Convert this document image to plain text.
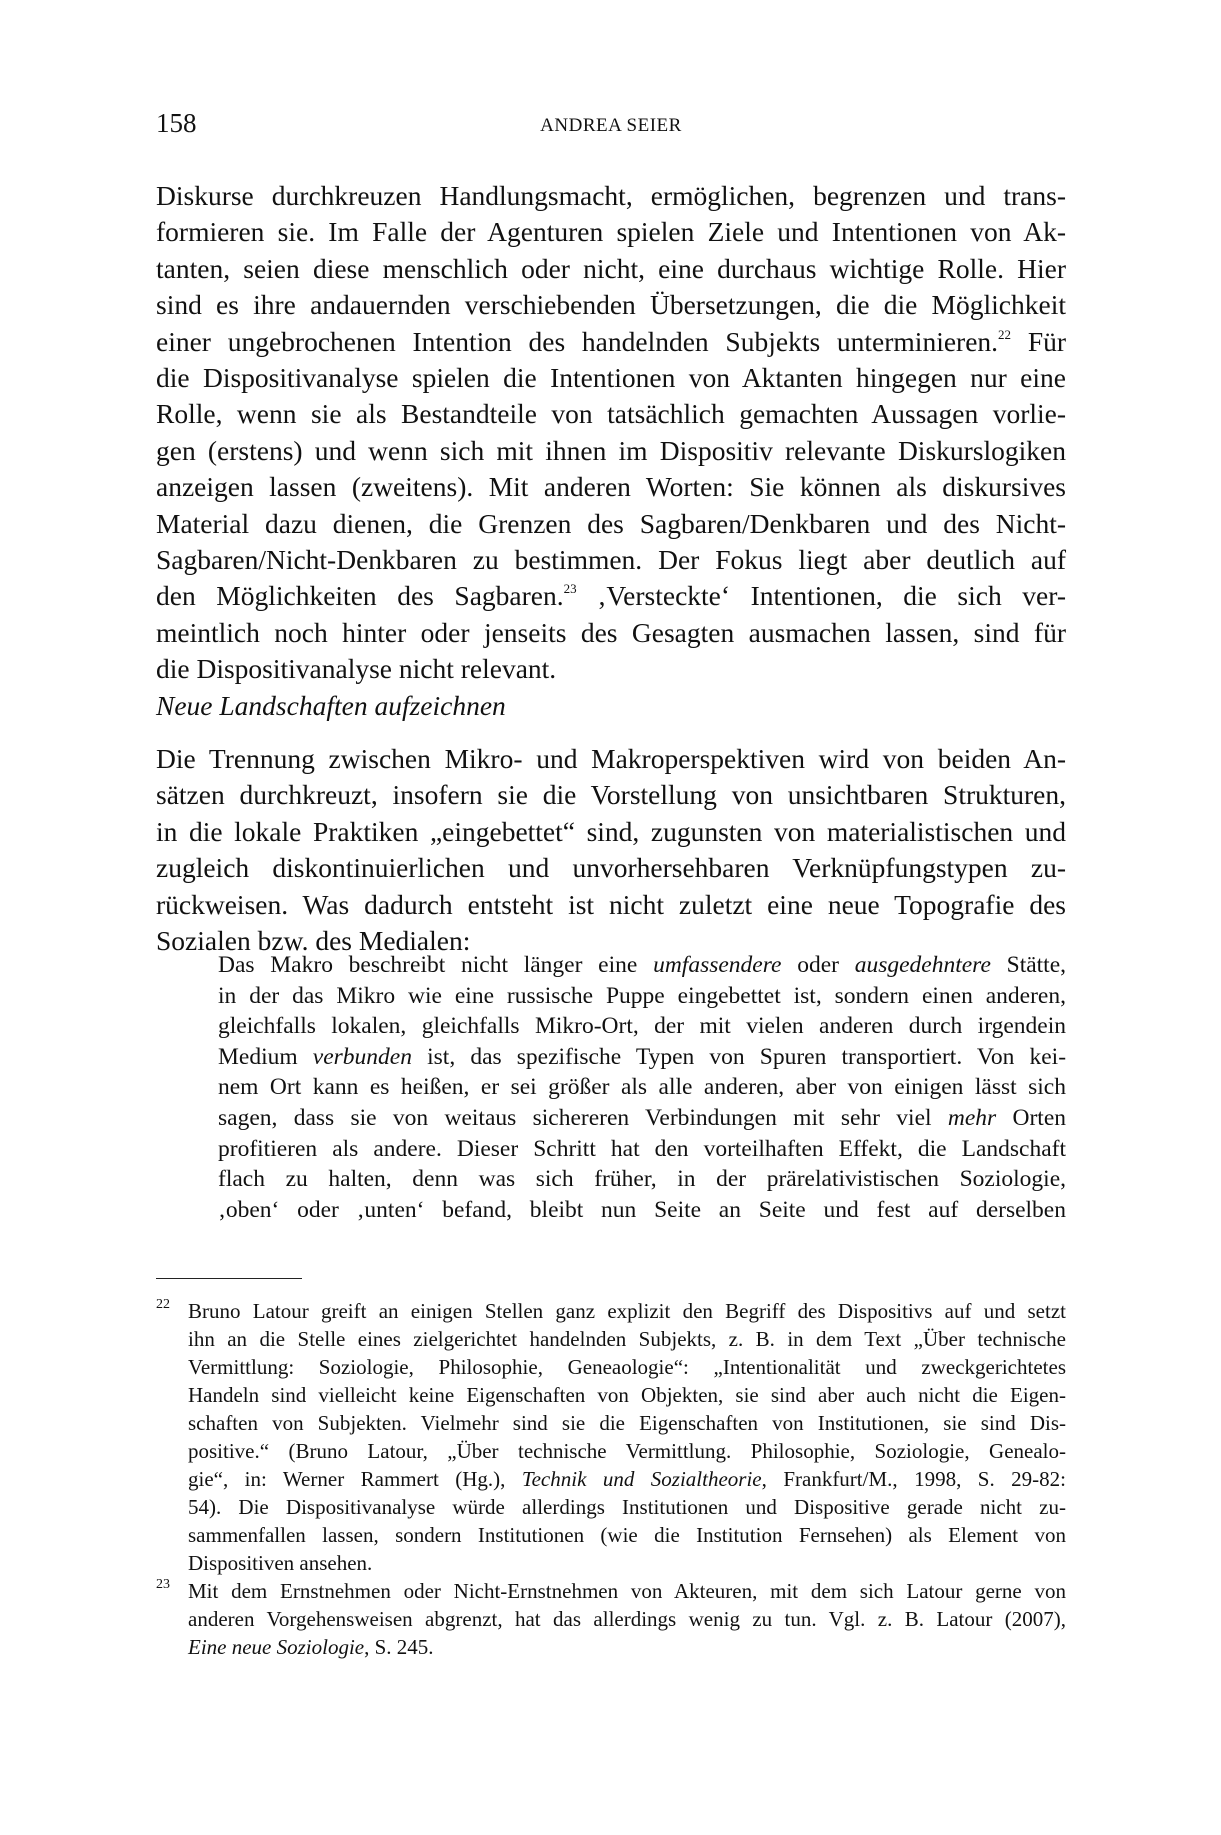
158	ANDREA SEIER
Diskurse durchkreuzen Handlungsmacht, ermöglichen, begrenzen und trans-
formieren sie. Im Falle der Agenturen spielen Ziele und Intentionen von Ak-
tanten, seien diese menschlich oder nicht, eine durchaus wichtige Rolle. Hier
sind es ihre andauernden verschiebenden Übersetzungen, die die Möglichkeit
einer ungebrochenen Intention des handelnden Subjekts unterminieren.$^{22}$ Für
die Dispositivanalyse spielen die Intentionen von Aktanten hingegen nur eine
Rolle, wenn sie als Bestandteile von tatsächlich gemachten Aussagen vorlie-
gen (erstens) und wenn sich mit ihnen im Dispositiv relevante Diskurslogiken
anzeigen lassen (zweitens). Mit anderen Worten: Sie können als diskursives
Material dazu dienen, die Grenzen des Sagbaren/Denkbaren und des Nicht-
Sagbaren/Nicht-Denkbaren zu bestimmen. Der Fokus liegt aber deutlich auf
den Möglichkeiten des Sagbaren.$^{23}$ ‚Versteckte‘ Intentionen, die sich ver-
meintlich noch hinter oder jenseits des Gesagten ausmachen lassen, sind für
die Dispositivanalyse nicht relevant.
Neue Landschaften aufzeichnen
Die Trennung zwischen Mikro- und Makroperspektiven wird von beiden An-
sätzen durchkreuzt, insofern sie die Vorstellung von unsichtbaren Strukturen,
in die lokale Praktiken „eingebettet“ sind, zugunsten von materialistischen und
zugleich diskontinuierlichen und unvorhersehbaren Verknüpfungstypen zu-
rückweisen. Was dadurch entsteht ist nicht zuletzt eine neue Topografie des
Sozialen bzw. des Medialen:
Das Makro beschreibt nicht länger eine umfassendere oder ausgedehntere Stätte,
in der das Mikro wie eine russische Puppe eingebettet ist, sondern einen anderen,
gleichfalls lokalen, gleichfalls Mikro-Ort, der mit vielen anderen durch irgendein
Medium verbunden ist, das spezifische Typen von Spuren transportiert. Von kei-
nem Ort kann es heißen, er sei größer als alle anderen, aber von einigen lässt sich
sagen, dass sie von weitaus sichereren Verbindungen mit sehr viel mehr Orten
profitieren als andere. Dieser Schritt hat den vorteilhaften Effekt, die Landschaft
flach zu halten, denn was sich früher, in der prärelativistischen Soziologie,
‚oben‘ oder ‚unten‘ befand, bleibt nun Seite an Seite und fest auf derselben
22 Bruno Latour greift an einigen Stellen ganz explizit den Begriff des Dispositivs auf und setzt
ihn an die Stelle eines zielgerichtet handelnden Subjekts, z. B. in dem Text „Über technische
Vermittlung: Soziologie, Philosophie, Geneaologie“: „Intentionalität und zweckgerichtetes
Handeln sind vielleicht keine Eigenschaften von Objekten, sie sind aber auch nicht die Eigen-
schaften von Subjekten. Vielmehr sind sie die Eigenschaften von Institutionen, sie sind Dis-
positive.“ (Bruno Latour, „Über technische Vermittlung. Philosophie, Soziologie, Genealo-
gie“, in: Werner Rammert (Hg.), Technik und Sozialtheorie, Frankfurt/M., 1998, S. 29-82:
54). Die Dispositivanalyse würde allerdings Institutionen und Dispositive gerade nicht zu-
sammenfallen lassen, sondern Institutionen (wie die Institution Fernsehen) als Element von
Dispositiven ansehen.
23 Mit dem Ernstnehmen oder Nicht-Ernstnehmen von Akteuren, mit dem sich Latour gerne von
anderen Vorgehensweisen abgrenzt, hat das allerdings wenig zu tun. Vgl. z. B. Latour (2007),
Eine neue Soziologie, S. 245.
